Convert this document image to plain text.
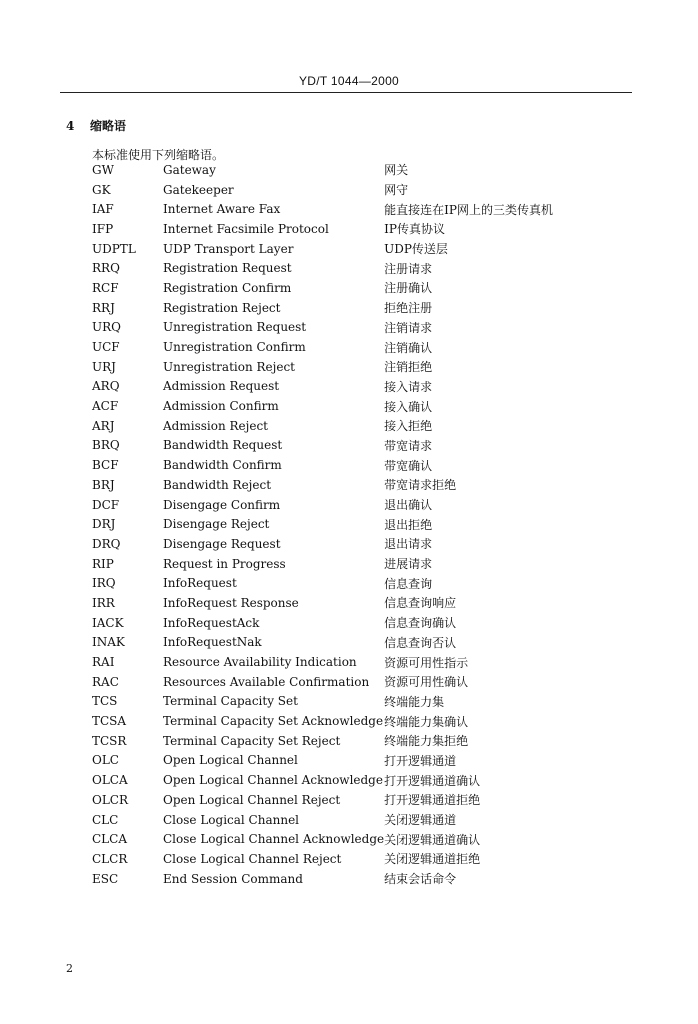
YD/T 1044—2000
4 缩略语
本标准使用下列缩略语。
GW	Gateway	网关
GK	Gatekeeper	网守
IAF	Internet Aware Fax	能直接连在IP网上的三类传真机
IFP	Internet Facsimile Protocol	IP传真协议
UDPTL	UDP Transport Layer	UDP传送层
RRQ	Registration Request	注册请求
RCF	Registration Confirm	注册确认
RRJ	Registration Reject	拒绝注册
URQ	Unregistration Request	注销请求
UCF	Unregistration Confirm	注销确认
URJ	Unregistration Reject	注销拒绝
ARQ	Admission Request	接入请求
ACF	Admission Confirm	接入确认
ARJ	Admission Reject	接入拒绝
BRQ	Bandwidth Request	带宽请求
BCF	Bandwidth Confirm	带宽确认
BRJ	Bandwidth Reject	带宽请求拒绝
DCF	Disengage Confirm	退出确认
DRJ	Disengage Reject	退出拒绝
DRQ	Disengage Request	退出请求
RIP	Request in Progress	进展请求
IRQ	InfoRequest	信息查询
IRR	InfoRequest Response	信息查询响应
IACK	InfoRequestAck	信息查询确认
INAK	InfoRequestNak	信息查询否认
RAI	Resource Availability Indication	资源可用性指示
RAC	Resources Available Confirmation	资源可用性确认
TCS	Terminal Capacity Set	终端能力集
TCSA	Terminal Capacity Set Acknowledge	终端能力集确认
TCSR	Terminal Capacity Set Reject	终端能力集拒绝
OLC	Open Logical Channel	打开逻辑通道
OLCA	Open Logical Channel Acknowledge	打开逻辑通道确认
OLCR	Open Logical Channel Reject	打开逻辑通道拒绝
CLC	Close Logical Channel	关闭逻辑通道
CLCA	Close Logical Channel Acknowledge	关闭逻辑通道确认
CLCR	Close Logical Channel Reject	关闭逻辑通道拒绝
ESC	End Session Command	结束会话命令
2
